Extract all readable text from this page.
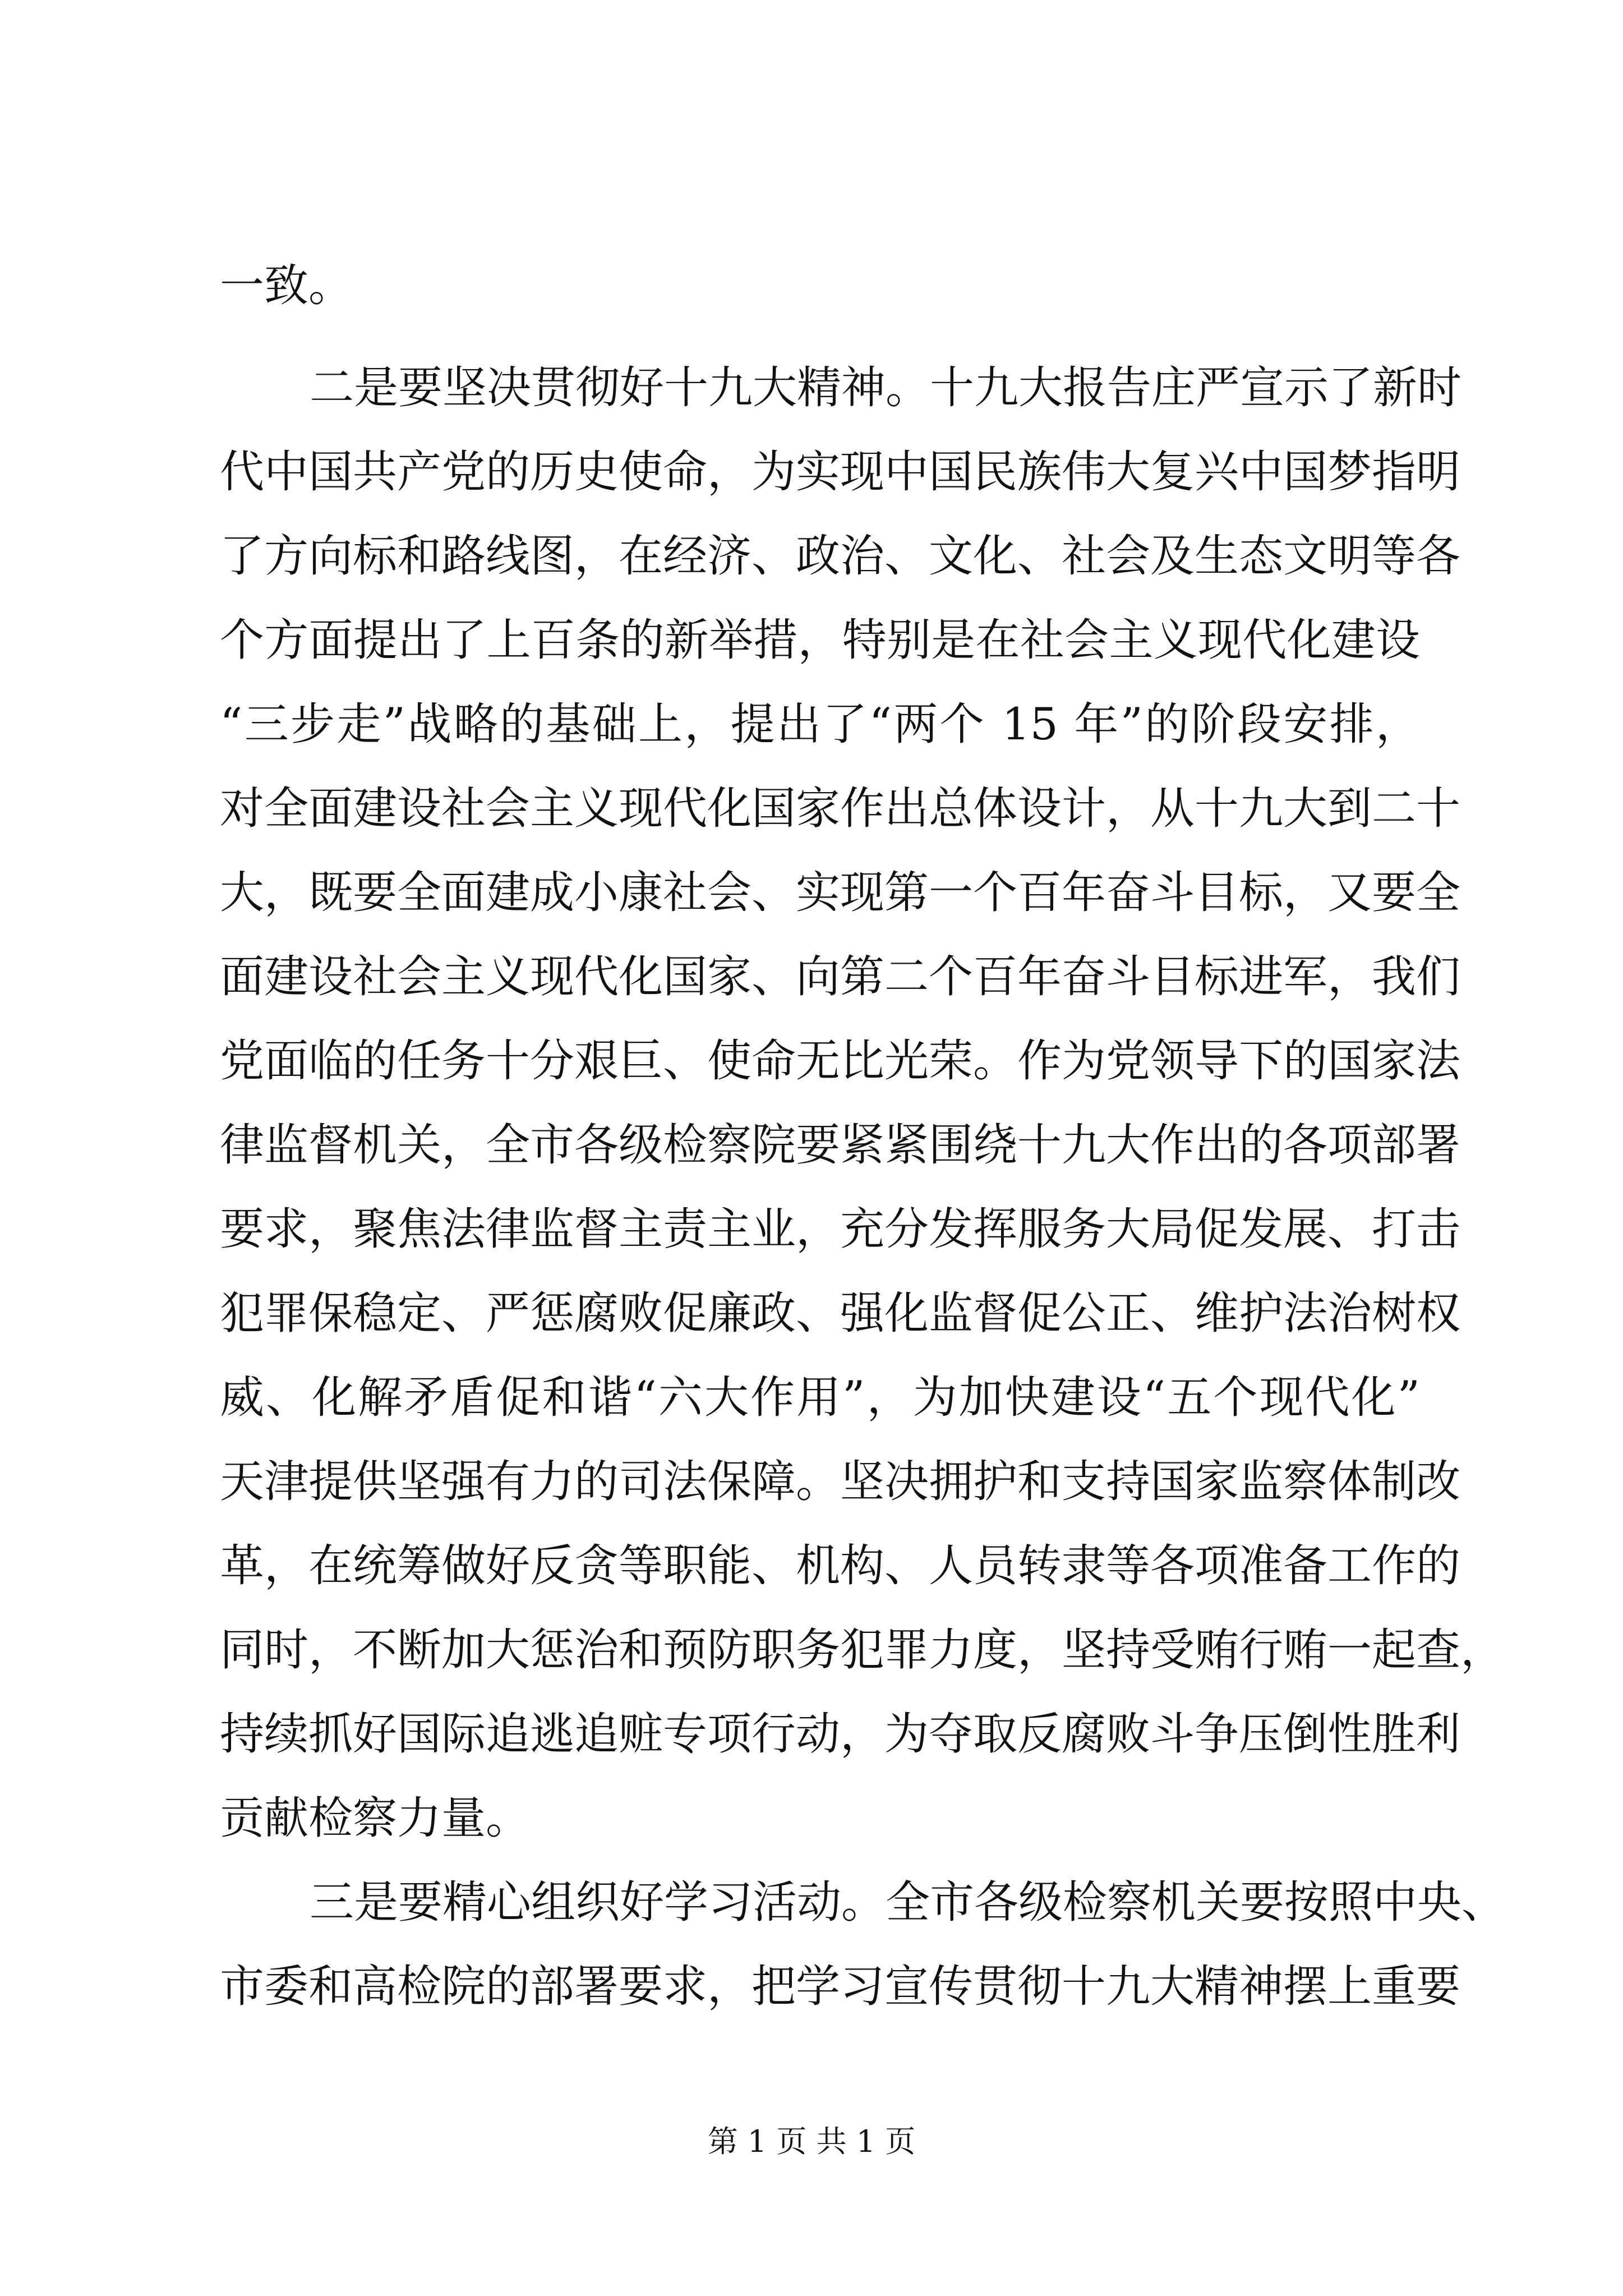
一致。
二是要坚决贯彻好十九大精神。十九大报告庄严宣示了新时
代中国共产党的历史使命，为实现中国民族伟大复兴中国梦指明
了方向标和路线图，在经济、政治、文化、社会及生态文明等各
个方面提出了上百条的新举措，特别是在社会主义现代化建设
“三步走”战略的基础上，提出了“两个 15 年”的阶段安排，
对全面建设社会主义现代化国家作出总体设计，从十九大到二十
大，既要全面建成小康社会、实现第一个百年奋斗目标，又要全
面建设社会主义现代化国家、向第二个百年奋斗目标进军，我们
党面临的任务十分艰巨、使命无比光荣。作为党领导下的国家法
律监督机关，全市各级检察院要紧紧围绕十九大作出的各项部署
要求，聚焦法律监督主责主业，充分发挥服务大局促发展、打击
犯罪保稳定、严惩腐败促廉政、强化监督促公正、维护法治树权
威、化解矛盾促和谐“六大作用”，为加快建设“五个现代化”
天津提供坚强有力的司法保障。坚决拥护和支持国家监察体制改
革，在统筹做好反贪等职能、机构、人员转隶等各项准备工作的
同时，不断加大惩治和预防职务犯罪力度，坚持受贿行贿一起查，
持续抓好国际追逃追赃专项行动，为夺取反腐败斗争压倒性胜利
贡献检察力量。
三是要精心组织好学习活动。全市各级检察机关要按照中央、
市委和高检院的部署要求，把学习宣传贯彻十九大精神摆上重要
第 1 页 共 1 页
